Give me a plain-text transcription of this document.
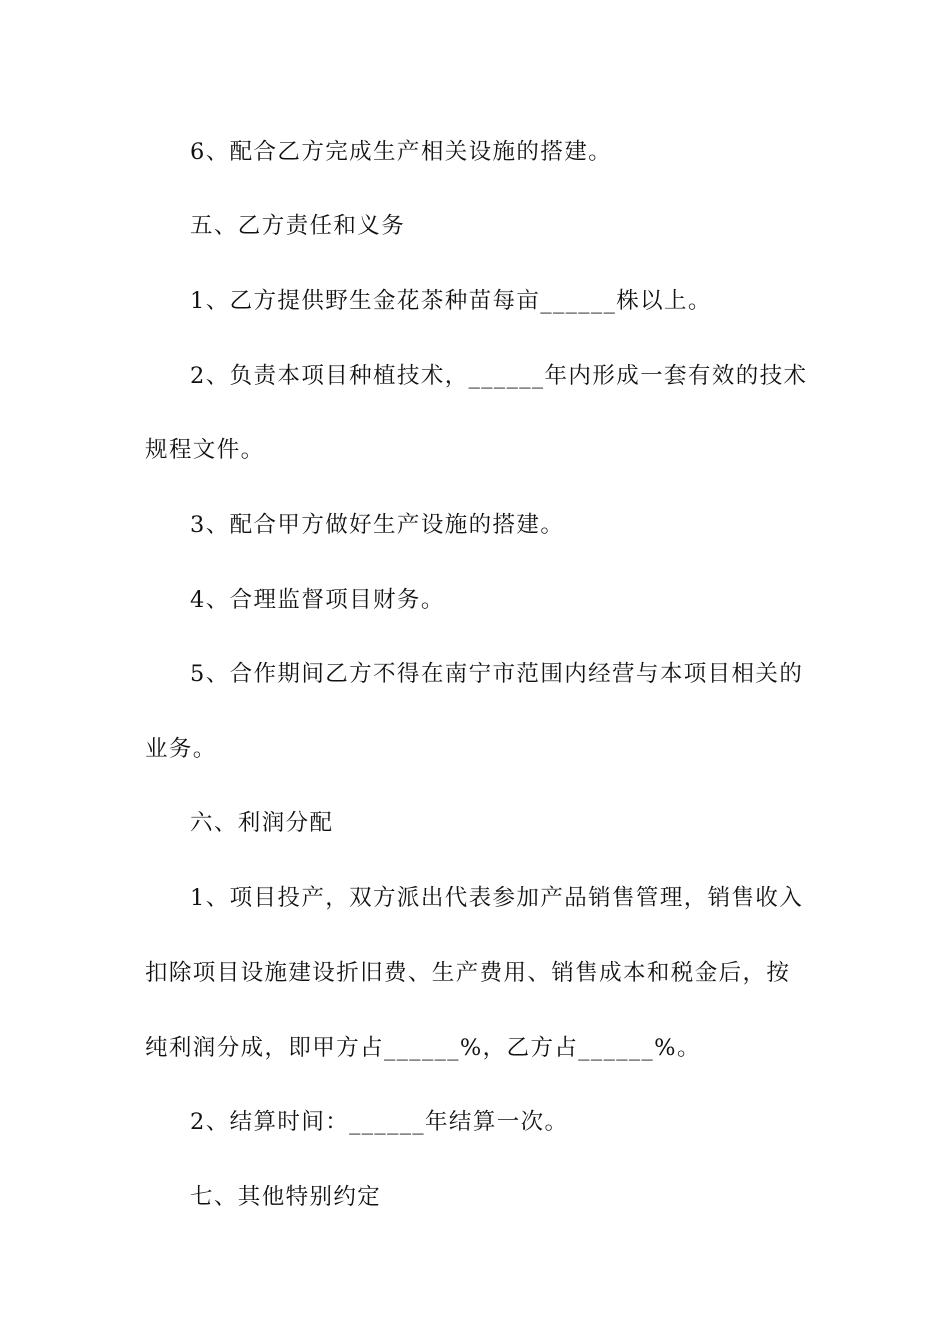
6、配合乙方完成生产相关设施的搭建。
五、乙方责任和义务
1、乙方提供野生金花茶种苗每亩______株以上。
2、负责本项目种植技术，______年内形成一套有效的技术
规程文件。
3、配合甲方做好生产设施的搭建。
4、合理监督项目财务。
5、合作期间乙方不得在南宁市范围内经营与本项目相关的
业务。
六、利润分配
1、项目投产，双方派出代表参加产品销售管理，销售收入
扣除项目设施建设折旧费、生产费用、销售成本和税金后，按
纯利润分成，即甲方占______%，乙方占______%。
2、结算时间：______年结算一次。
七、其他特别约定
